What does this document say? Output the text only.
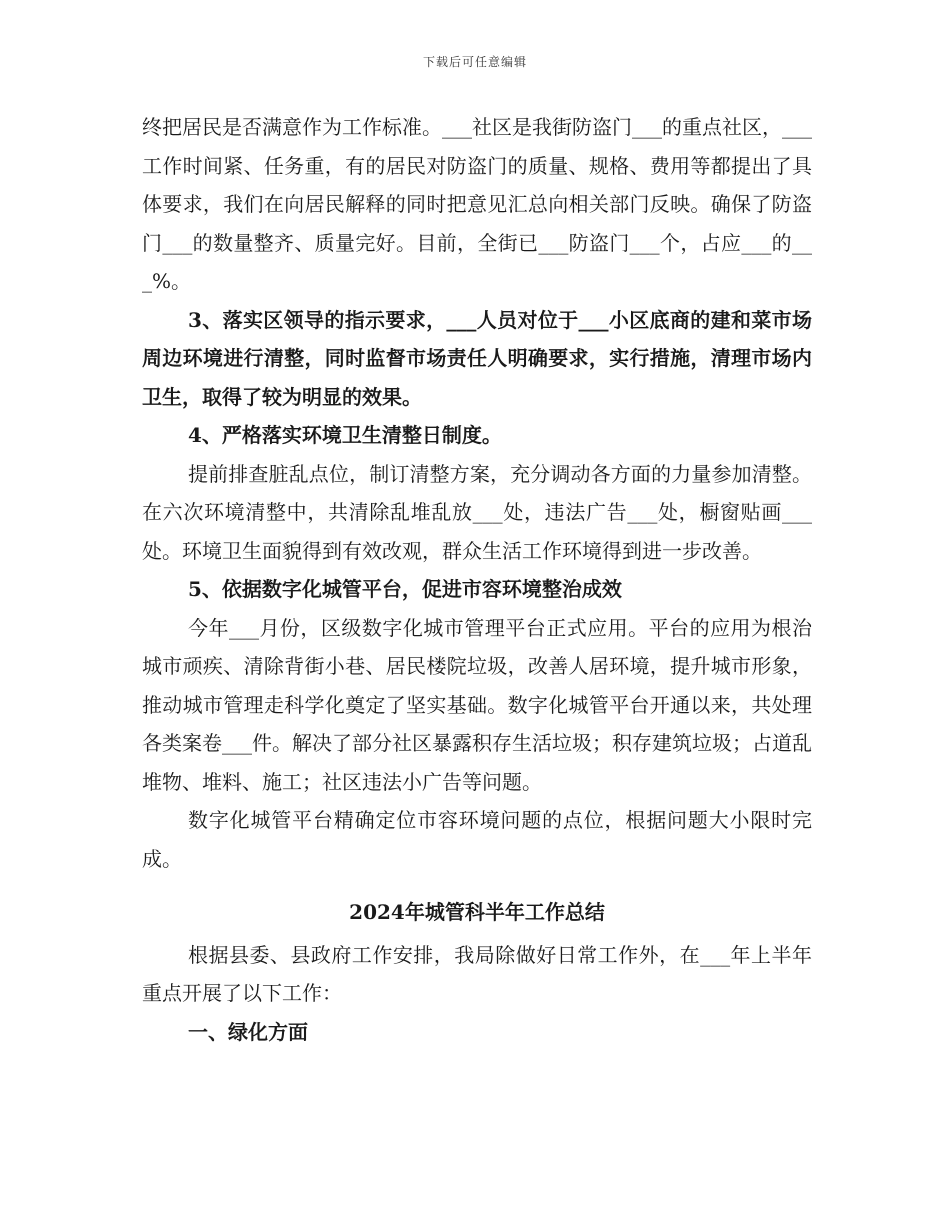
下载后可任意编辑

终把居民是否满意作为工作标准。___社区是我街防盗门___的重点社区，___工作时间紧、任务重，有的居民对防盗门的质量、规格、费用等都提出了具体要求，我们在向居民解释的同时把意见汇总向相关部门反映。确保了防盗门___的数量整齐、质量完好。目前，全街已___防盗门___个，占应___的___%。

3、落实区领导的指示要求，___人员对位于___小区底商的建和菜市场周边环境进行清整，同时监督市场责任人明确要求，实行措施，清理市场内卫生，取得了较为明显的效果。

4、严格落实环境卫生清整日制度。

提前排查脏乱点位，制订清整方案，充分调动各方面的力量参加清整。在六次环境清整中，共清除乱堆乱放___处，违法广告___处，橱窗贴画___处。环境卫生面貌得到有效改观，群众生活工作环境得到进一步改善。

5、依据数字化城管平台，促进市容环境整治成效

今年___月份，区级数字化城市管理平台正式应用。平台的应用为根治城市顽疾、清除背街小巷、居民楼院垃圾，改善人居环境，提升城市形象，推动城市管理走科学化奠定了坚实基础。数字化城管平台开通以来，共处理各类案卷___件。解决了部分社区暴露积存生活垃圾；积存建筑垃圾；占道乱堆物、堆料、施工；社区违法小广告等问题。

数字化城管平台精确定位市容环境问题的点位，根据问题大小限时完成。

2024年城管科半年工作总结

根据县委、县政府工作安排，我局除做好日常工作外，在___年上半年重点开展了以下工作：

一、绿化方面
